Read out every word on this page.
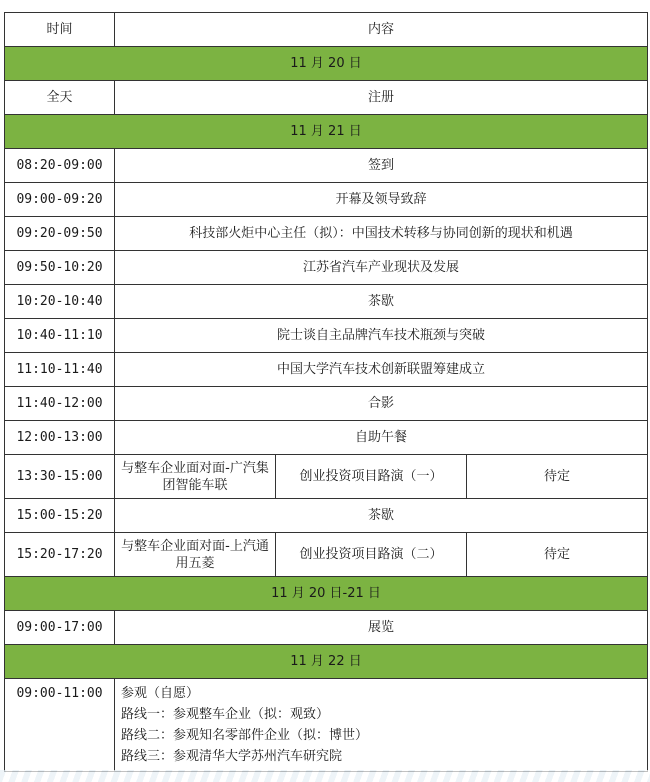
时间	内容		
11 月 20 日			
全天	注册		
11 月 21 日			
08:20-09:00	签到		
09:00-09:20	开幕及领导致辞		
09:20-09:50	科技部火炬中心主任（拟）：中国技术转移与协同创新的现状和机遇		
09:50-10:20	江苏省汽车产业现状及发展		
10:20-10:40	茶歇		
10:40-11:10	院士谈自主品牌汽车技术瓶颈与突破		
11:10-11:40	中国大学汽车技术创新联盟筹建成立		
11:40-12:00	合影		
12:00-13:00	自助午餐		
13:30-15:00	与整车企业面对面-广汽集团智能车联	创业投资项目路演（一）	待定
15:00-15:20	茶歇		
15:20-17:20	与整车企业面对面-上汽通用五菱	创业投资项目路演（二）	待定
11 月 20 日-21 日			
09:00-17:00	展览		
11 月 22 日			
09:00-11:00	参观（自愿）
路线一：参观整车企业（拟：观致）
路线二：参观知名零部件企业（拟：博世）
路线三：参观清华大学苏州汽车研究院		
